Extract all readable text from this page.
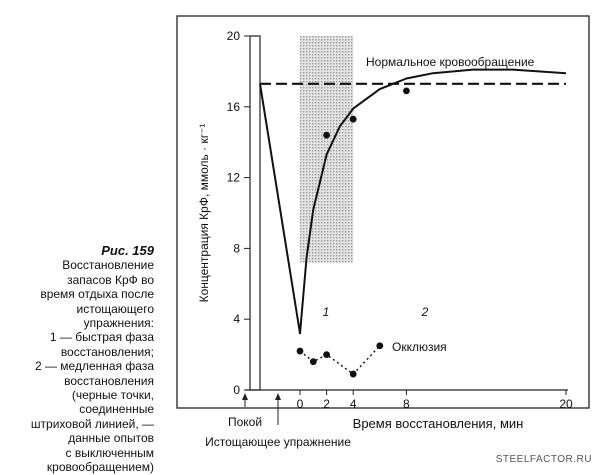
Рис. 159
Восстановление
запасов КрФ во
время отдыха после
истощающего
упражнения:
1 — быстрая фаза
восстановления;
2 — медленная фаза
восстановления
(черные точки,
соединенные
штриховой линией, —
данные опытов
с выключенным
кровообращением)
0
4
8
12
16
20
0 2 4	8	20
Концентрация КрФ, ммоль · кг⁻¹
Время восстановления, мин
Нормальное кровообращение
Окклюзия
1	2
Покой
Истощающее упражнение
STEELFACTOR.RU
